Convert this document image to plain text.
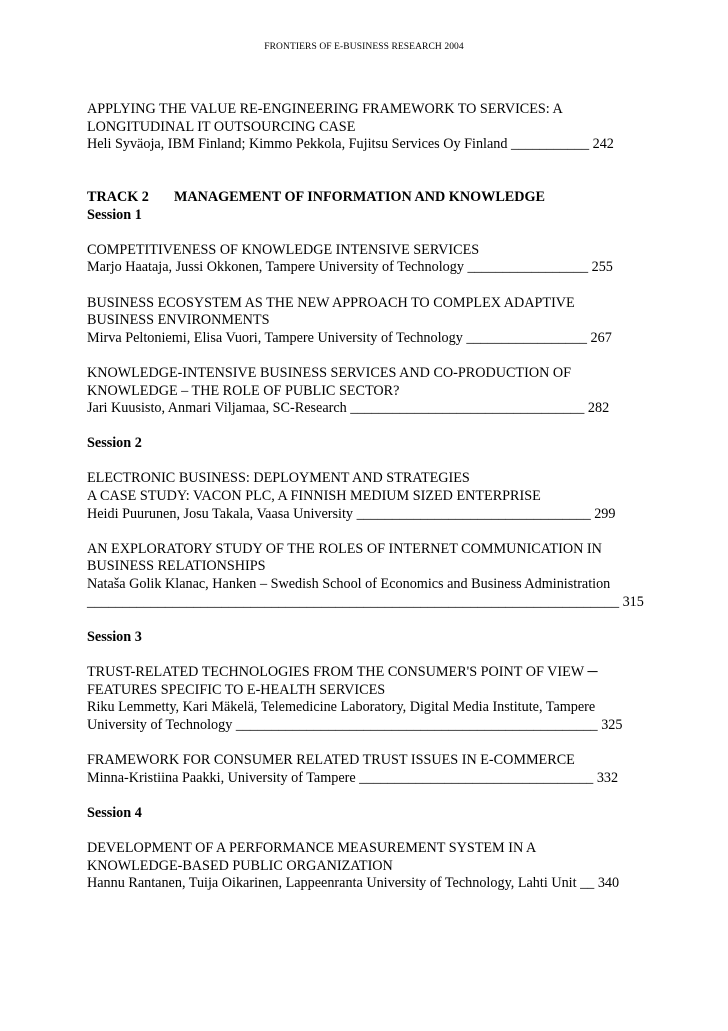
FRONTIERS OF E-BUSINESS RESEARCH 2004
APPLYING THE VALUE RE-ENGINEERING FRAMEWORK TO SERVICES: A
LONGITUDINAL IT OUTSOURCING CASE
Heli Syväoja, IBM Finland; Kimmo Pekkola, Fujitsu Services Oy Finland ___________ 242
TRACK 2	MANAGEMENT OF INFORMATION AND KNOWLEDGE
Session 1
COMPETITIVENESS OF KNOWLEDGE INTENSIVE SERVICES
Marjo Haataja, Jussi Okkonen, Tampere University of Technology _________________ 255
BUSINESS ECOSYSTEM AS THE NEW APPROACH TO COMPLEX ADAPTIVE
BUSINESS ENVIRONMENTS
Mirva Peltoniemi, Elisa Vuori, Tampere University of Technology _________________ 267
KNOWLEDGE-INTENSIVE BUSINESS SERVICES AND CO-PRODUCTION OF
KNOWLEDGE – THE ROLE OF PUBLIC SECTOR?
Jari Kuusisto, Anmari Viljamaa, SC-Research _________________________________ 282
Session 2
ELECTRONIC BUSINESS: DEPLOYMENT AND STRATEGIES
A CASE STUDY: VACON PLC, A FINNISH MEDIUM SIZED ENTERPRISE
Heidi Puurunen, Josu Takala, Vaasa University _________________________________ 299
AN EXPLORATORY STUDY OF THE ROLES OF INTERNET COMMUNICATION IN
BUSINESS RELATIONSHIPS
Nataša Golik Klanac, Hanken – Swedish School of Economics and Business Administration
___________________________________________________________________________ 315
Session 3
TRUST-RELATED TECHNOLOGIES FROM THE CONSUMER'S POINT OF VIEW ─
FEATURES SPECIFIC TO E-HEALTH SERVICES
Riku Lemmetty, Kari Mäkelä, Telemedicine Laboratory, Digital Media Institute, Tampere
University of Technology ___________________________________________________ 325
FRAMEWORK FOR CONSUMER RELATED TRUST ISSUES IN E-COMMERCE
Minna-Kristiina Paakki, University of Tampere _________________________________ 332
Session 4
DEVELOPMENT OF A PERFORMANCE MEASUREMENT SYSTEM IN A
KNOWLEDGE-BASED PUBLIC ORGANIZATION
Hannu Rantanen, Tuija Oikarinen, Lappeenranta University of Technology, Lahti Unit __ 340
